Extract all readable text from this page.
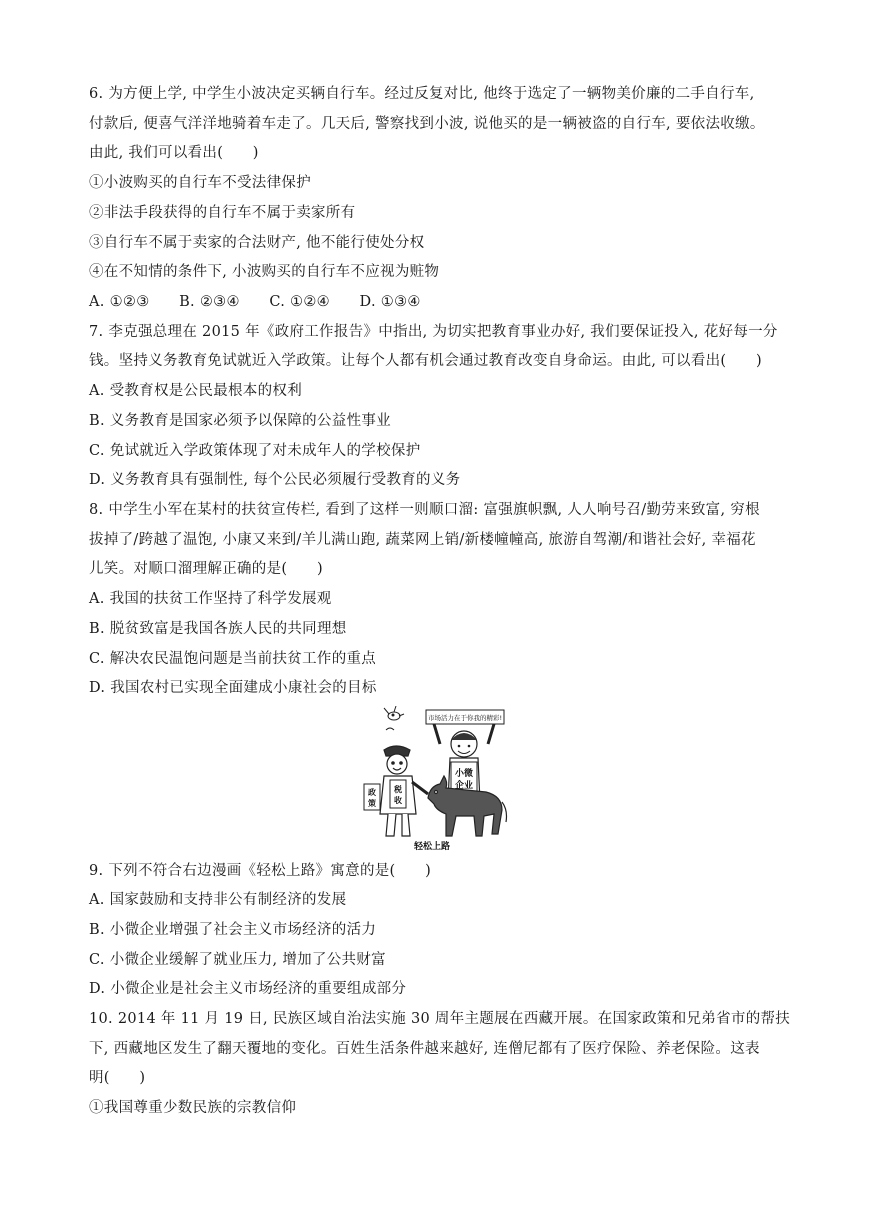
6. 为方便上学, 中学生小波决定买辆自行车。经过反复对比, 他终于选定了一辆物美价廉的二手自行车,
付款后, 便喜气洋洋地骑着车走了。几天后, 警察找到小波, 说他买的是一辆被盗的自行车, 要依法收缴。
由此, 我们可以看出(　　)
①小波购买的自行车不受法律保护
②非法手段获得的自行车不属于卖家所有
③自行车不属于卖家的合法财产, 他不能行使处分权
④在不知情的条件下, 小波购买的自行车不应视为赃物
A. ①②③　　B. ②③④　　C. ①②④　　D. ①③④
7. 李克强总理在 2015 年《政府工作报告》中指出, 为切实把教育事业办好, 我们要保证投入, 花好每一分
钱。坚持义务教育免试就近入学政策。让每个人都有机会通过教育改变自身命运。由此, 可以看出(　　)
A. 受教育权是公民最根本的权利
B. 义务教育是国家必须予以保障的公益性事业
C. 免试就近入学政策体现了对未成年人的学校保护
D. 义务教育具有强制性, 每个公民必须履行受教育的义务
8. 中学生小军在某村的扶贫宣传栏, 看到了这样一则顺口溜: 富强旗帜飘, 人人响号召/勤劳来致富, 穷根
拔掉了/跨越了温饱, 小康又来到/羊儿满山跑, 蔬菜网上销/新楼幢幢高, 旅游自驾潮/和谐社会好, 幸福花
儿笑。对顺口溜理解正确的是(　　)
A. 我国的扶贫工作坚持了科学发展观
B. 脱贫致富是我国各族人民的共同理想
C. 解决农民温饱问题是当前扶贫工作的重点
D. 我国农村已实现全面建成小康社会的目标
市场活力在于你我的精彩!
小微
企业
政
策
税
收
轻松上路
9. 下列不符合右边漫画《轻松上路》寓意的是(　　)
A. 国家鼓励和支持非公有制经济的发展
B. 小微企业增强了社会主义市场经济的活力
C. 小微企业缓解了就业压力, 增加了公共财富
D. 小微企业是社会主义市场经济的重要组成部分
10. 2014 年 11 月 19 日, 民族区域自治法实施 30 周年主题展在西藏开展。在国家政策和兄弟省市的帮扶
下, 西藏地区发生了翻天覆地的变化。百姓生活条件越来越好, 连僧尼都有了医疗保险、养老保险。这表
明(　　)
①我国尊重少数民族的宗教信仰
